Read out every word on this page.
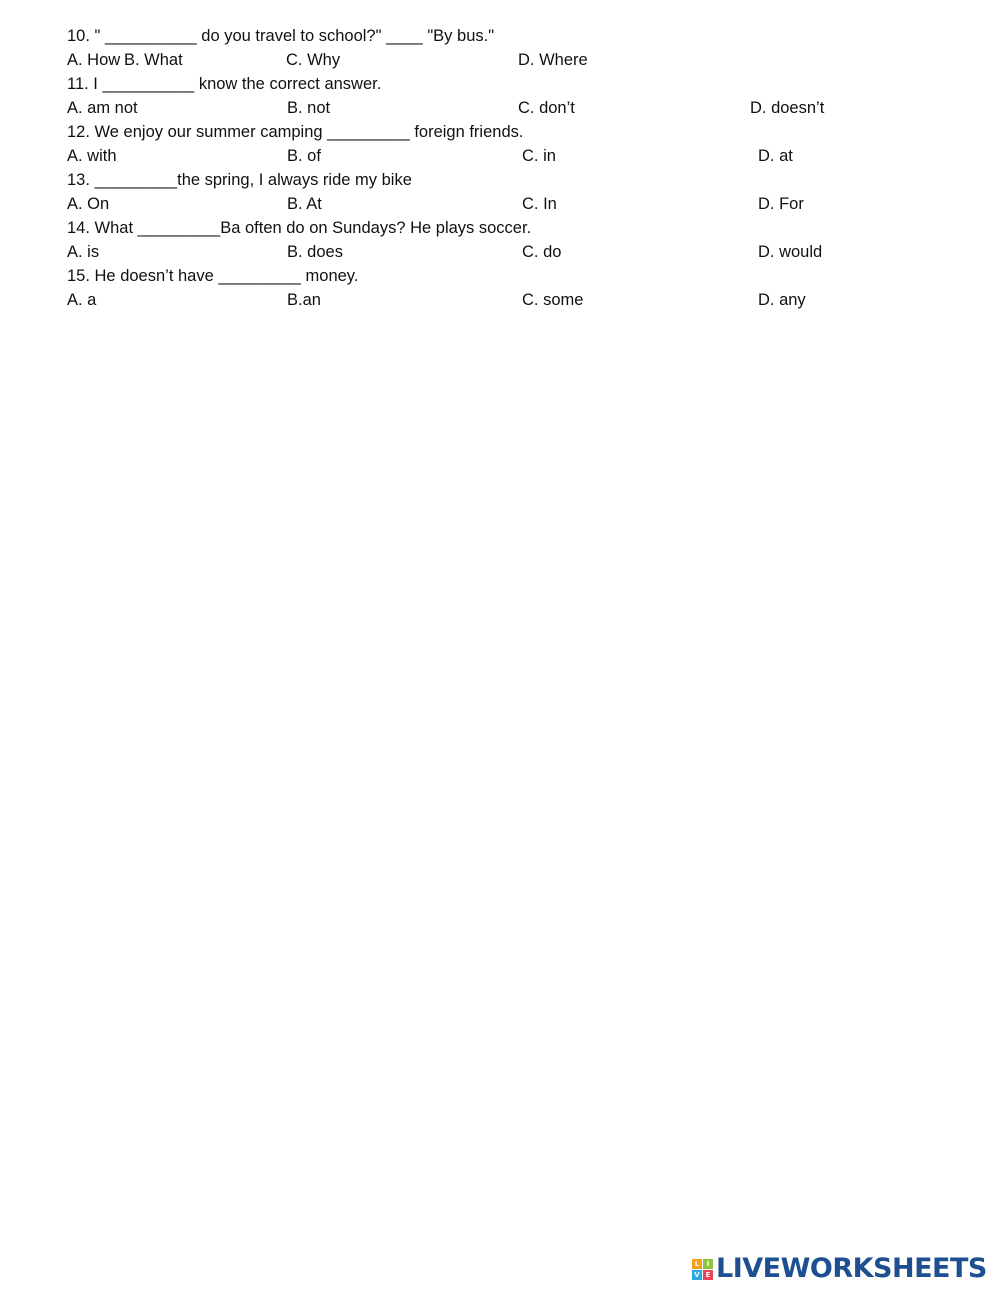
10. " __________ do you travel to school?" ____ "By bus."

A. How

B. What

	C. Why

	D. Where

11. I __________ know the correct answer.

A. am not

	B. not

	C. don’t

	D. doesn’t

12. We enjoy our summer camping _________ foreign friends.

A. with

	B. of

	C. in

	D. at

13. _________the spring, I always ride my bike

A. On

	B. At

	C. In

	D. For

14. What _________Ba often do on Sundays? He plays soccer.

A. is

	B. does

	C. do

	D. would

15. He doesn’t have _________ money.

A. a

	B.an

	C. some

	D. any

L	I
V E LIVEWORKSHEETS
